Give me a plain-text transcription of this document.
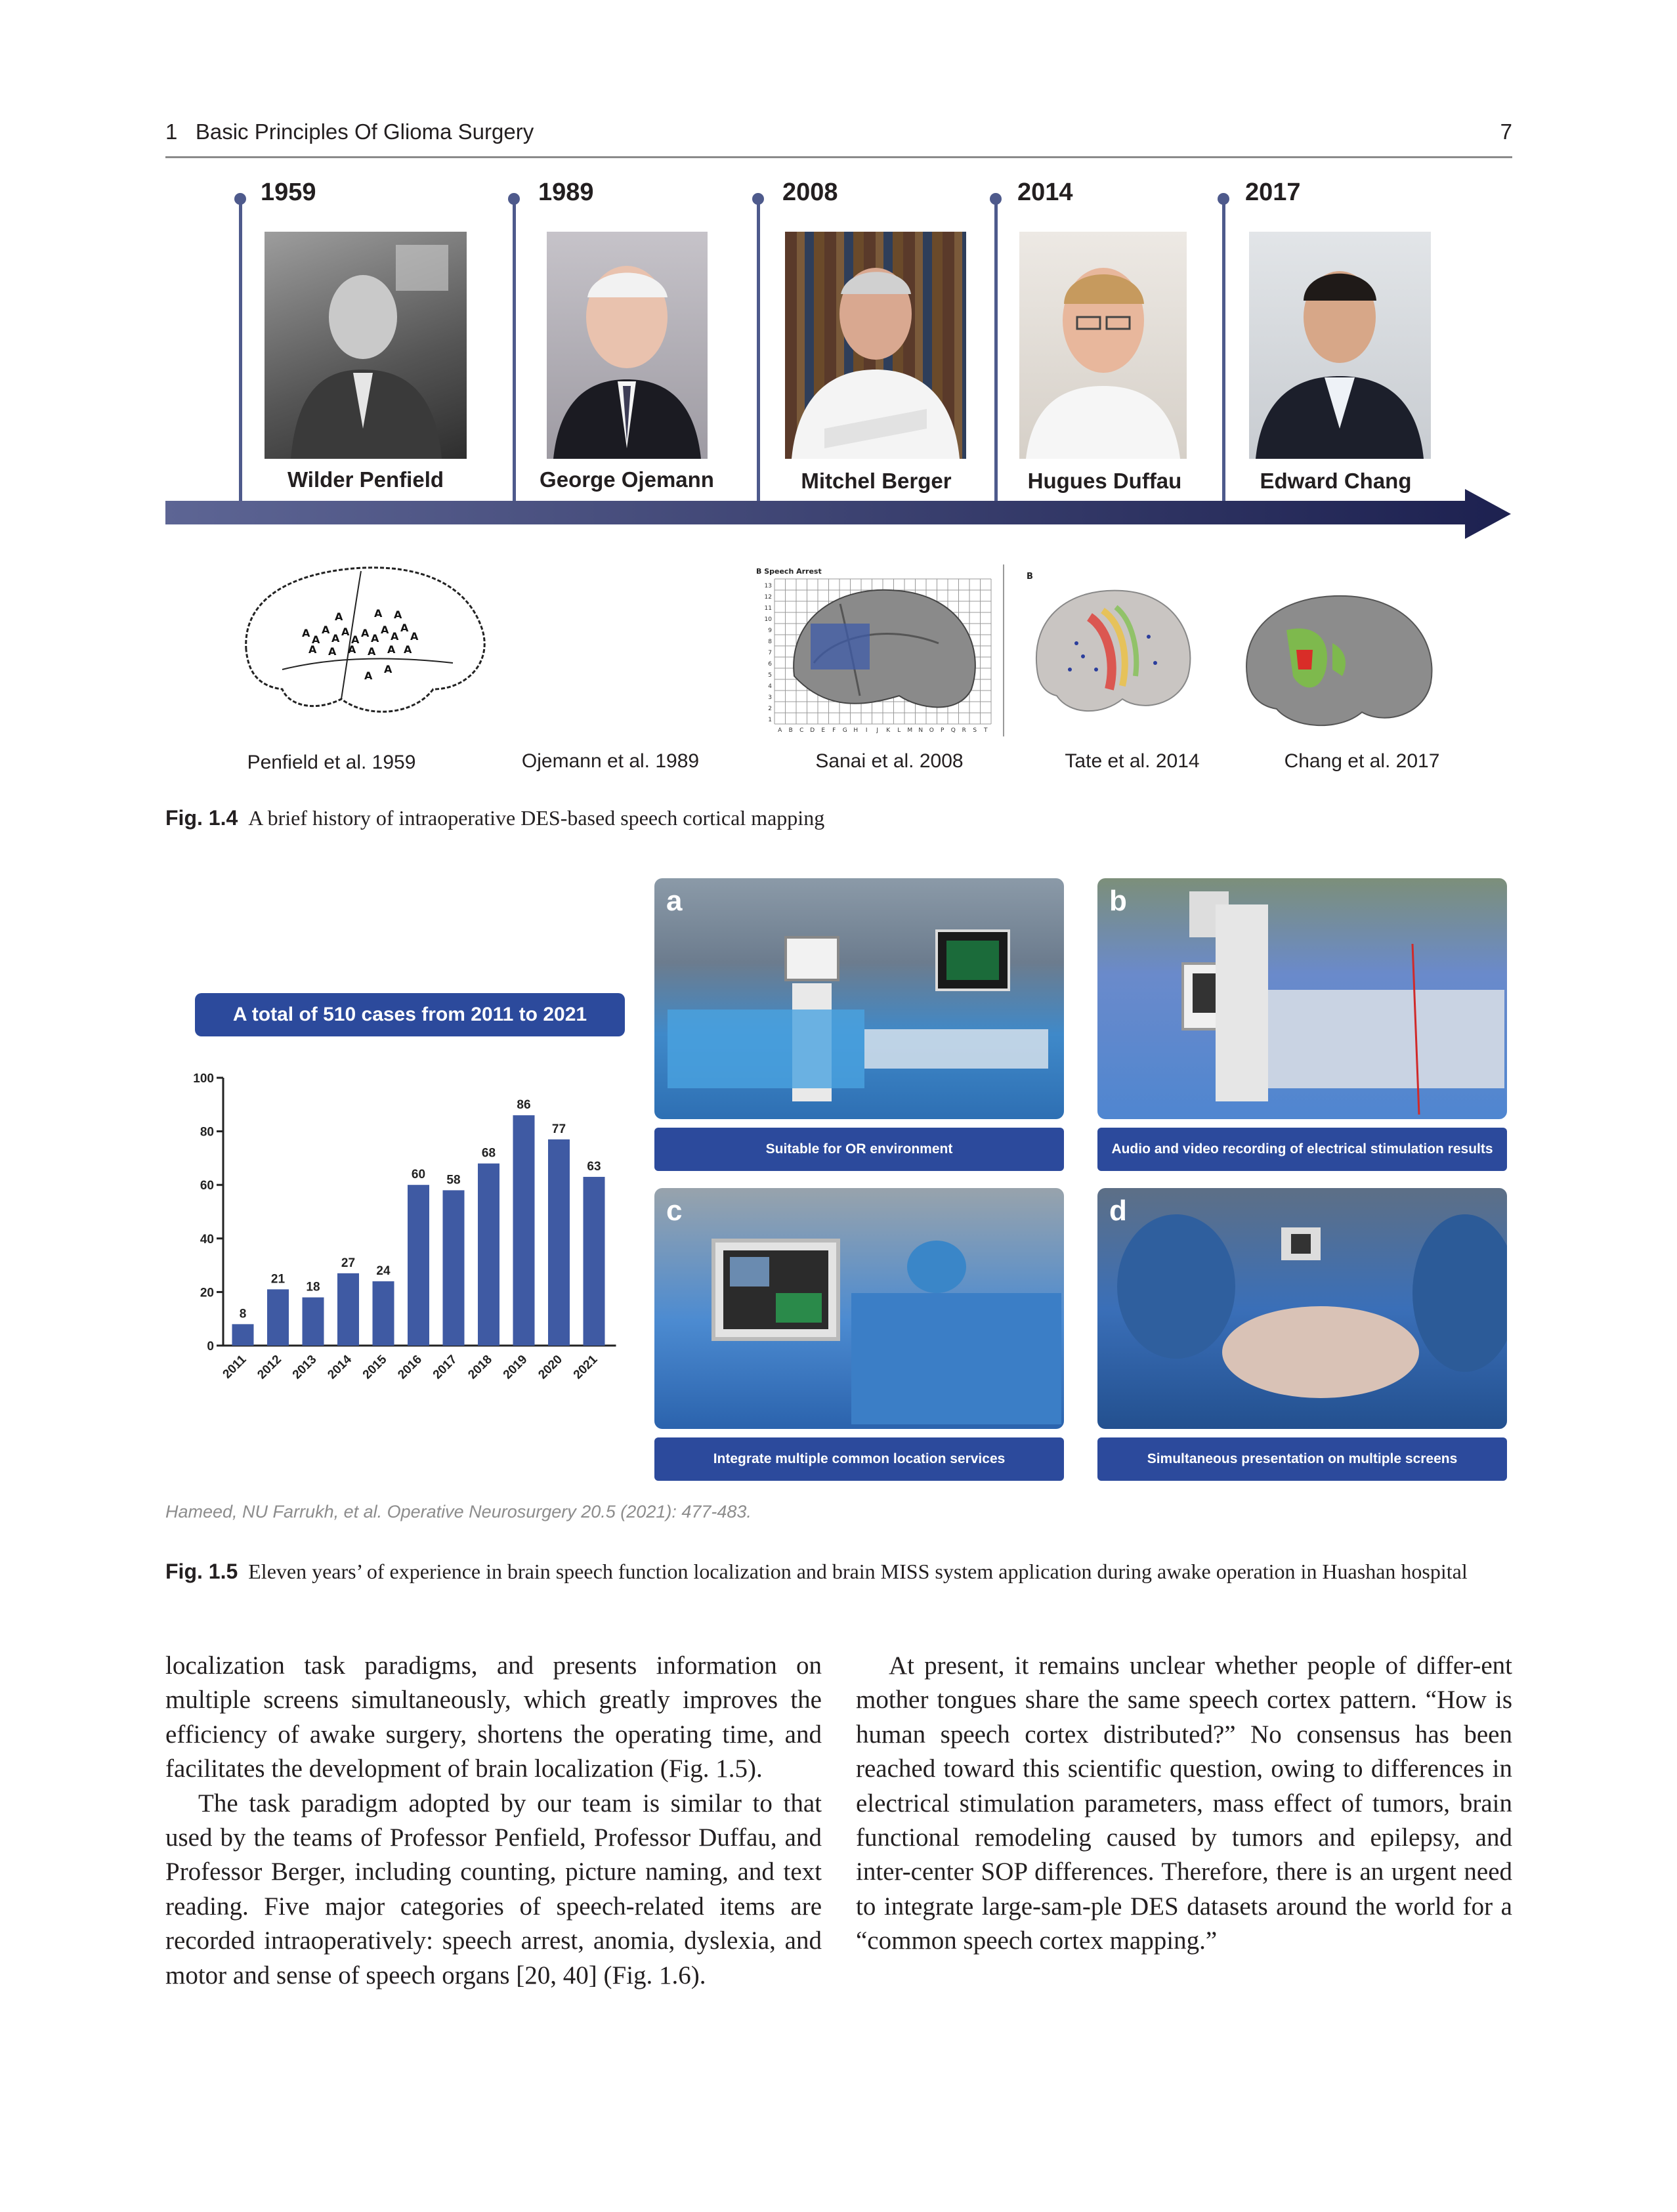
1   Basic Principles Of Glioma Surgery	7
1959
Wilder Penfield
1989
George Ojemann
2008
Mitchel Berger
2014
Hugues Duffau
2017
Edward Chang
A
A
A
A
A
A
A A
A
A
A
A
A A A A A A
A	A A
A
A
B Speech Arrest
13
12
11
10
9
8
7
6
5
4
3
2
1
A B C D E F G H I J K L M N O P Q R S T
B
Penfield et al. 1959	Ojemann et al. 1989	Sanai et al. 2008	Tate et al. 2014	Chang et al. 2017
Fig. 1.4 A brief history of intraoperative DES-based speech cortical mapping
A total of 510 cases from 2011 to 2021
0
20
40
60
80
100
8
2011
21
2012
18
2013
27
2014
24
2015
60
2016
58
2017
68
2018
86
2019
77
2020
63
2021
a
Suitable for OR environment
b
Audio and video recording of electrical stimulation results
c
Integrate multiple common location services
d
Simultaneous presentation on multiple screens
Hameed, NU Farrukh, et al. Operative Neurosurgery 20.5 (2021): 477-483.
Fig. 1.5 Eleven years’ of experience in brain speech function localization and brain MISS system application during awake operation in Huashan hospital

localization task paradigms, and presents information on multiple screens simultaneously, which greatly improves the efficiency of awake surgery, shortens the operating time, and facilitates the development of brain localization (Fig. 1.5).

The task paradigm adopted by our team is similar to that used by the teams of Professor Penfield, Professor Duffau, and Professor Berger, including counting, picture naming, and text reading. Five major categories of speech-related items are recorded intraoperatively: speech arrest, anomia, dyslexia, and motor and sense of speech organs [20, 40] (Fig. 1.6).

At present, it remains unclear whether people of differ-ent mother tongues share the same speech cortex pattern. “How is human speech cortex distributed?” No consensus has been reached toward this scientific question, owing to differences in electrical stimulation parameters, mass effect of tumors, brain functional remodeling caused by tumors and epilepsy, and inter-center SOP differences. Therefore, there is an urgent need to integrate large-sam-ple DES datasets around the world for a “common speech cortex mapping.”
